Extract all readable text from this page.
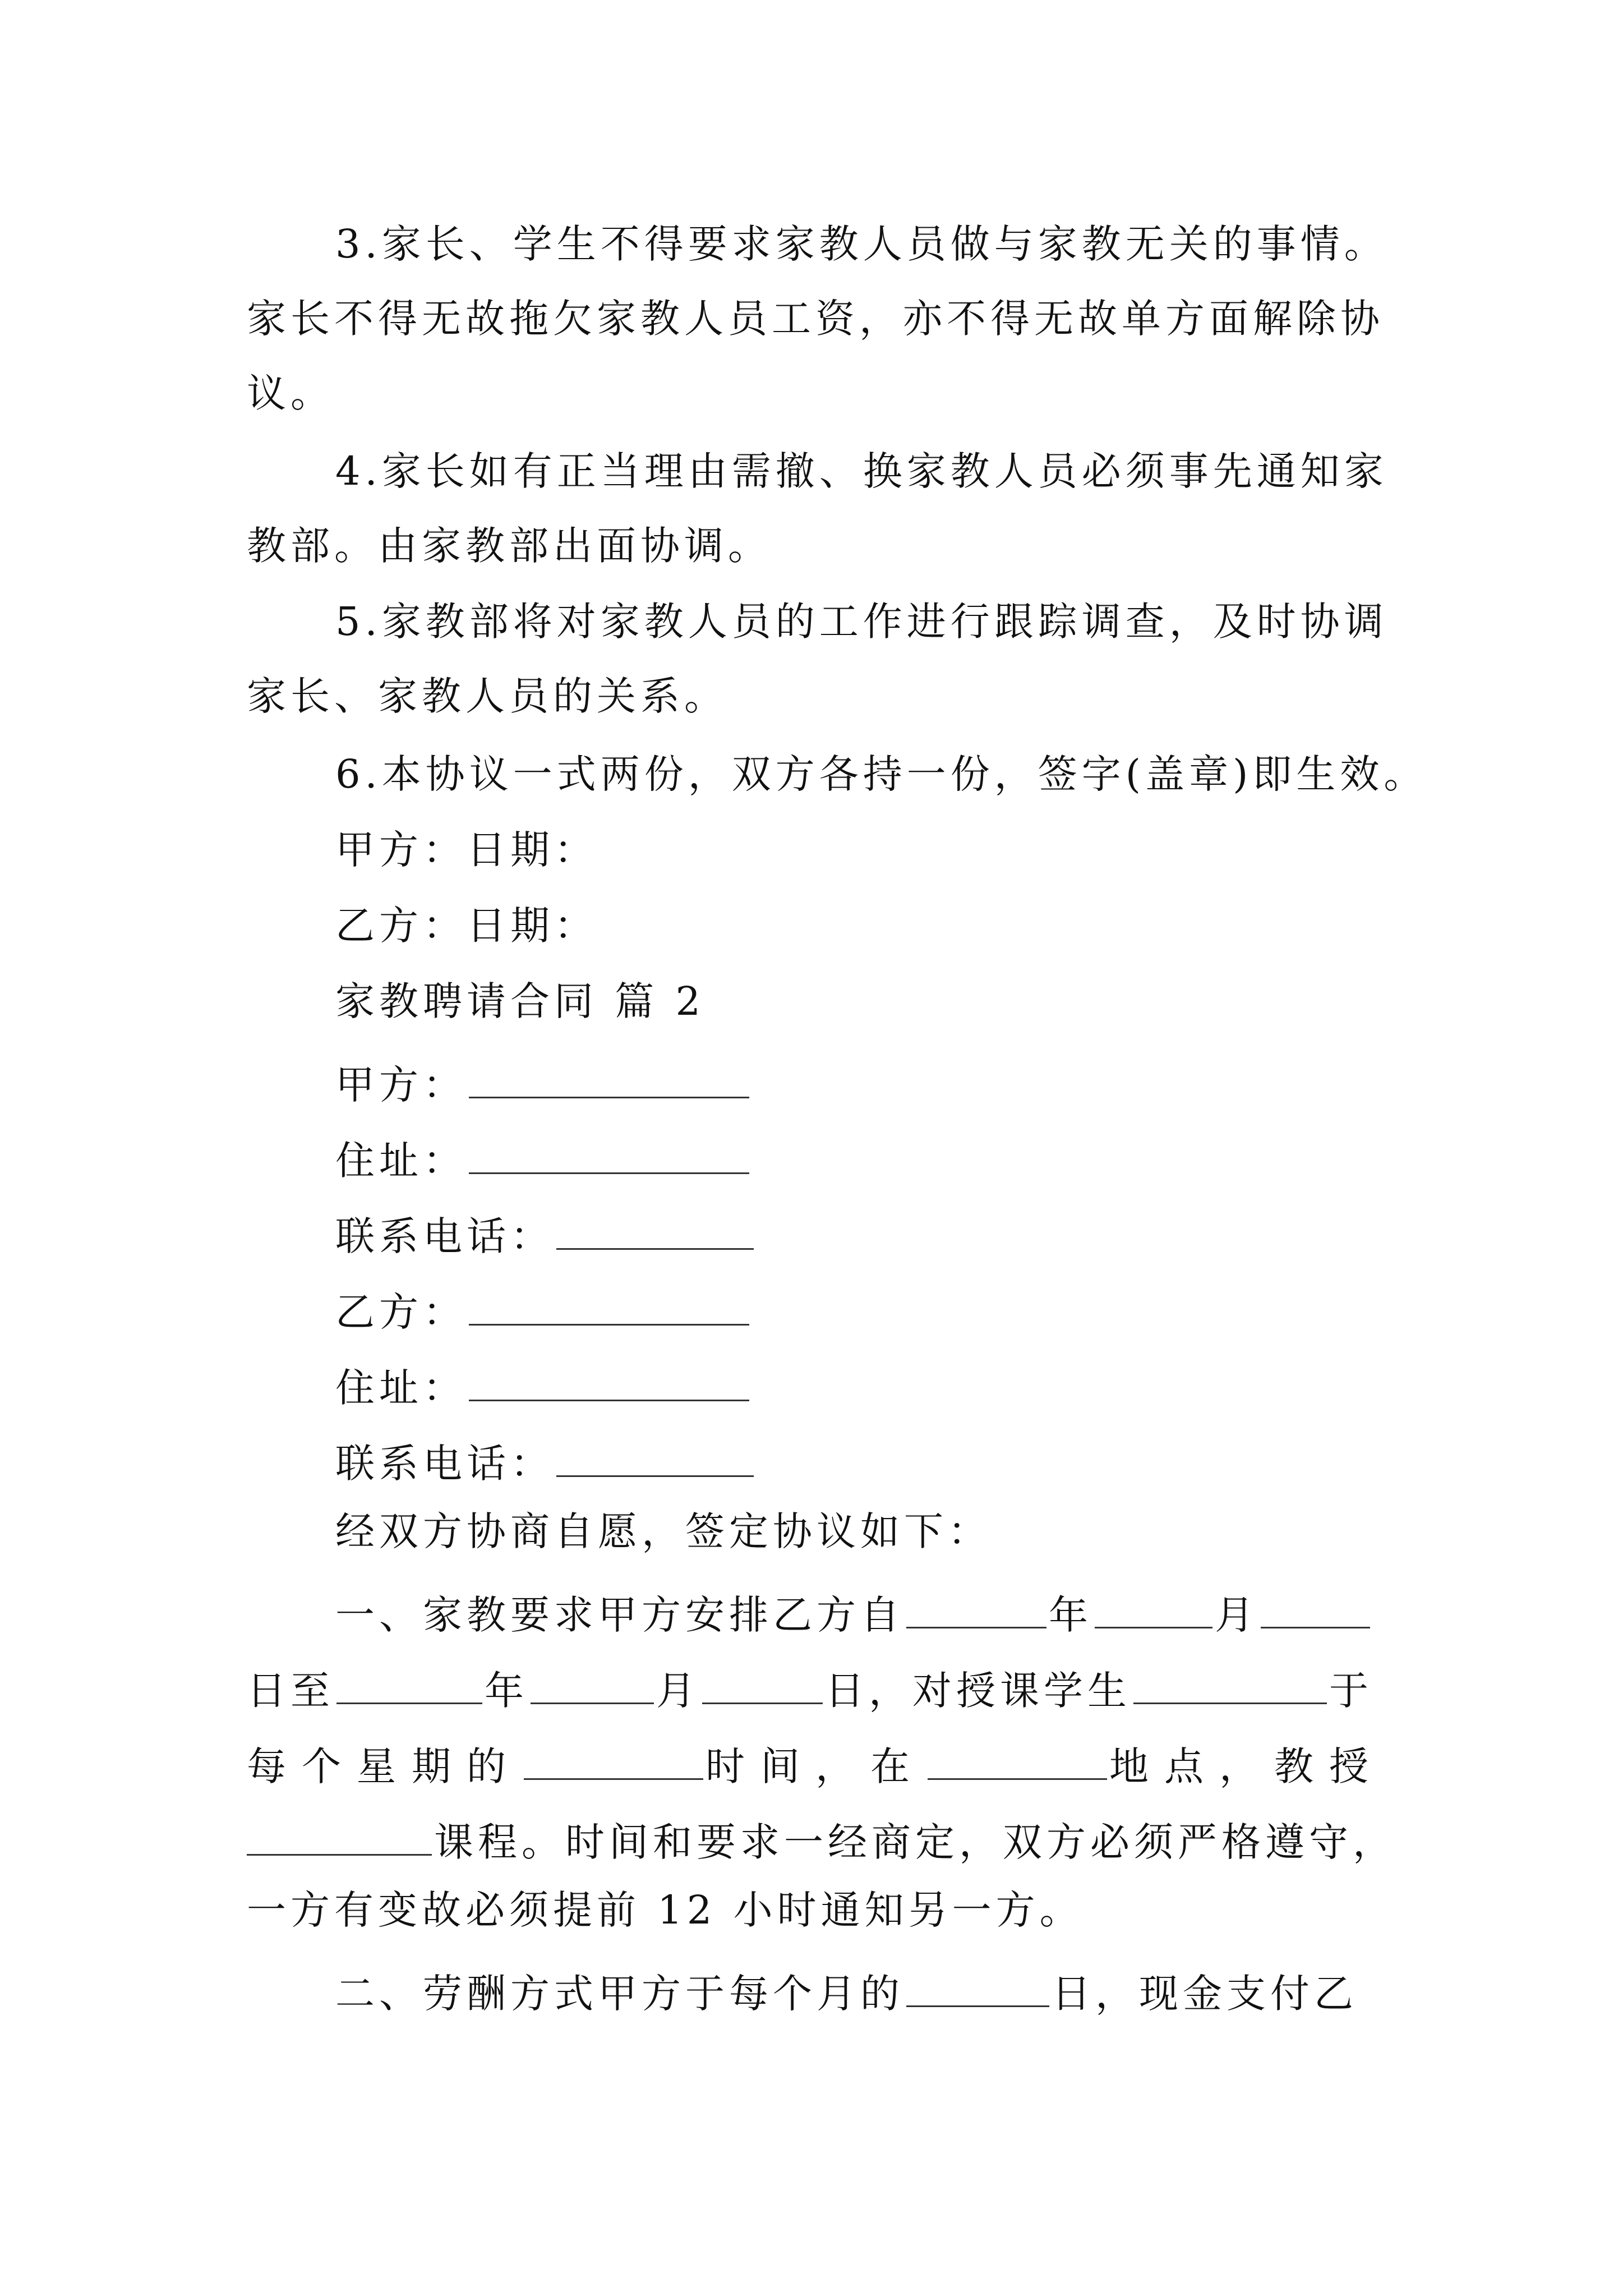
3.家长、学生不得要求家教人员做与家教无关的事情。

家长不得无故拖欠家教人员工资，亦不得无故单方面解除协

议。

4.家长如有正当理由需撤、换家教人员必须事先通知家

教部。由家教部出面协调。

5.家教部将对家教人员的工作进行跟踪调查，及时协调

家长、家教人员的关系。

6.本协议一式两份，双方各持一份，签字(盖章)即生效。

甲方：日期：

乙方：日期：

家教聘请合同 篇 2

甲方：

住址：

联系电话：

乙方：

住址：

联系电话：

经双方协商自愿，签定协议如下：

一、家教要求甲方安排乙方自	年	月

日至	年	月	日，对授课学生	于

每个星期的	时间，在	地点，教授

课程。时间和要求一经商定，双方必须严格遵守，

一方有变故必须提前 12 小时通知另一方。

二、劳酬方式甲方于每个月的	日，现金支付乙
